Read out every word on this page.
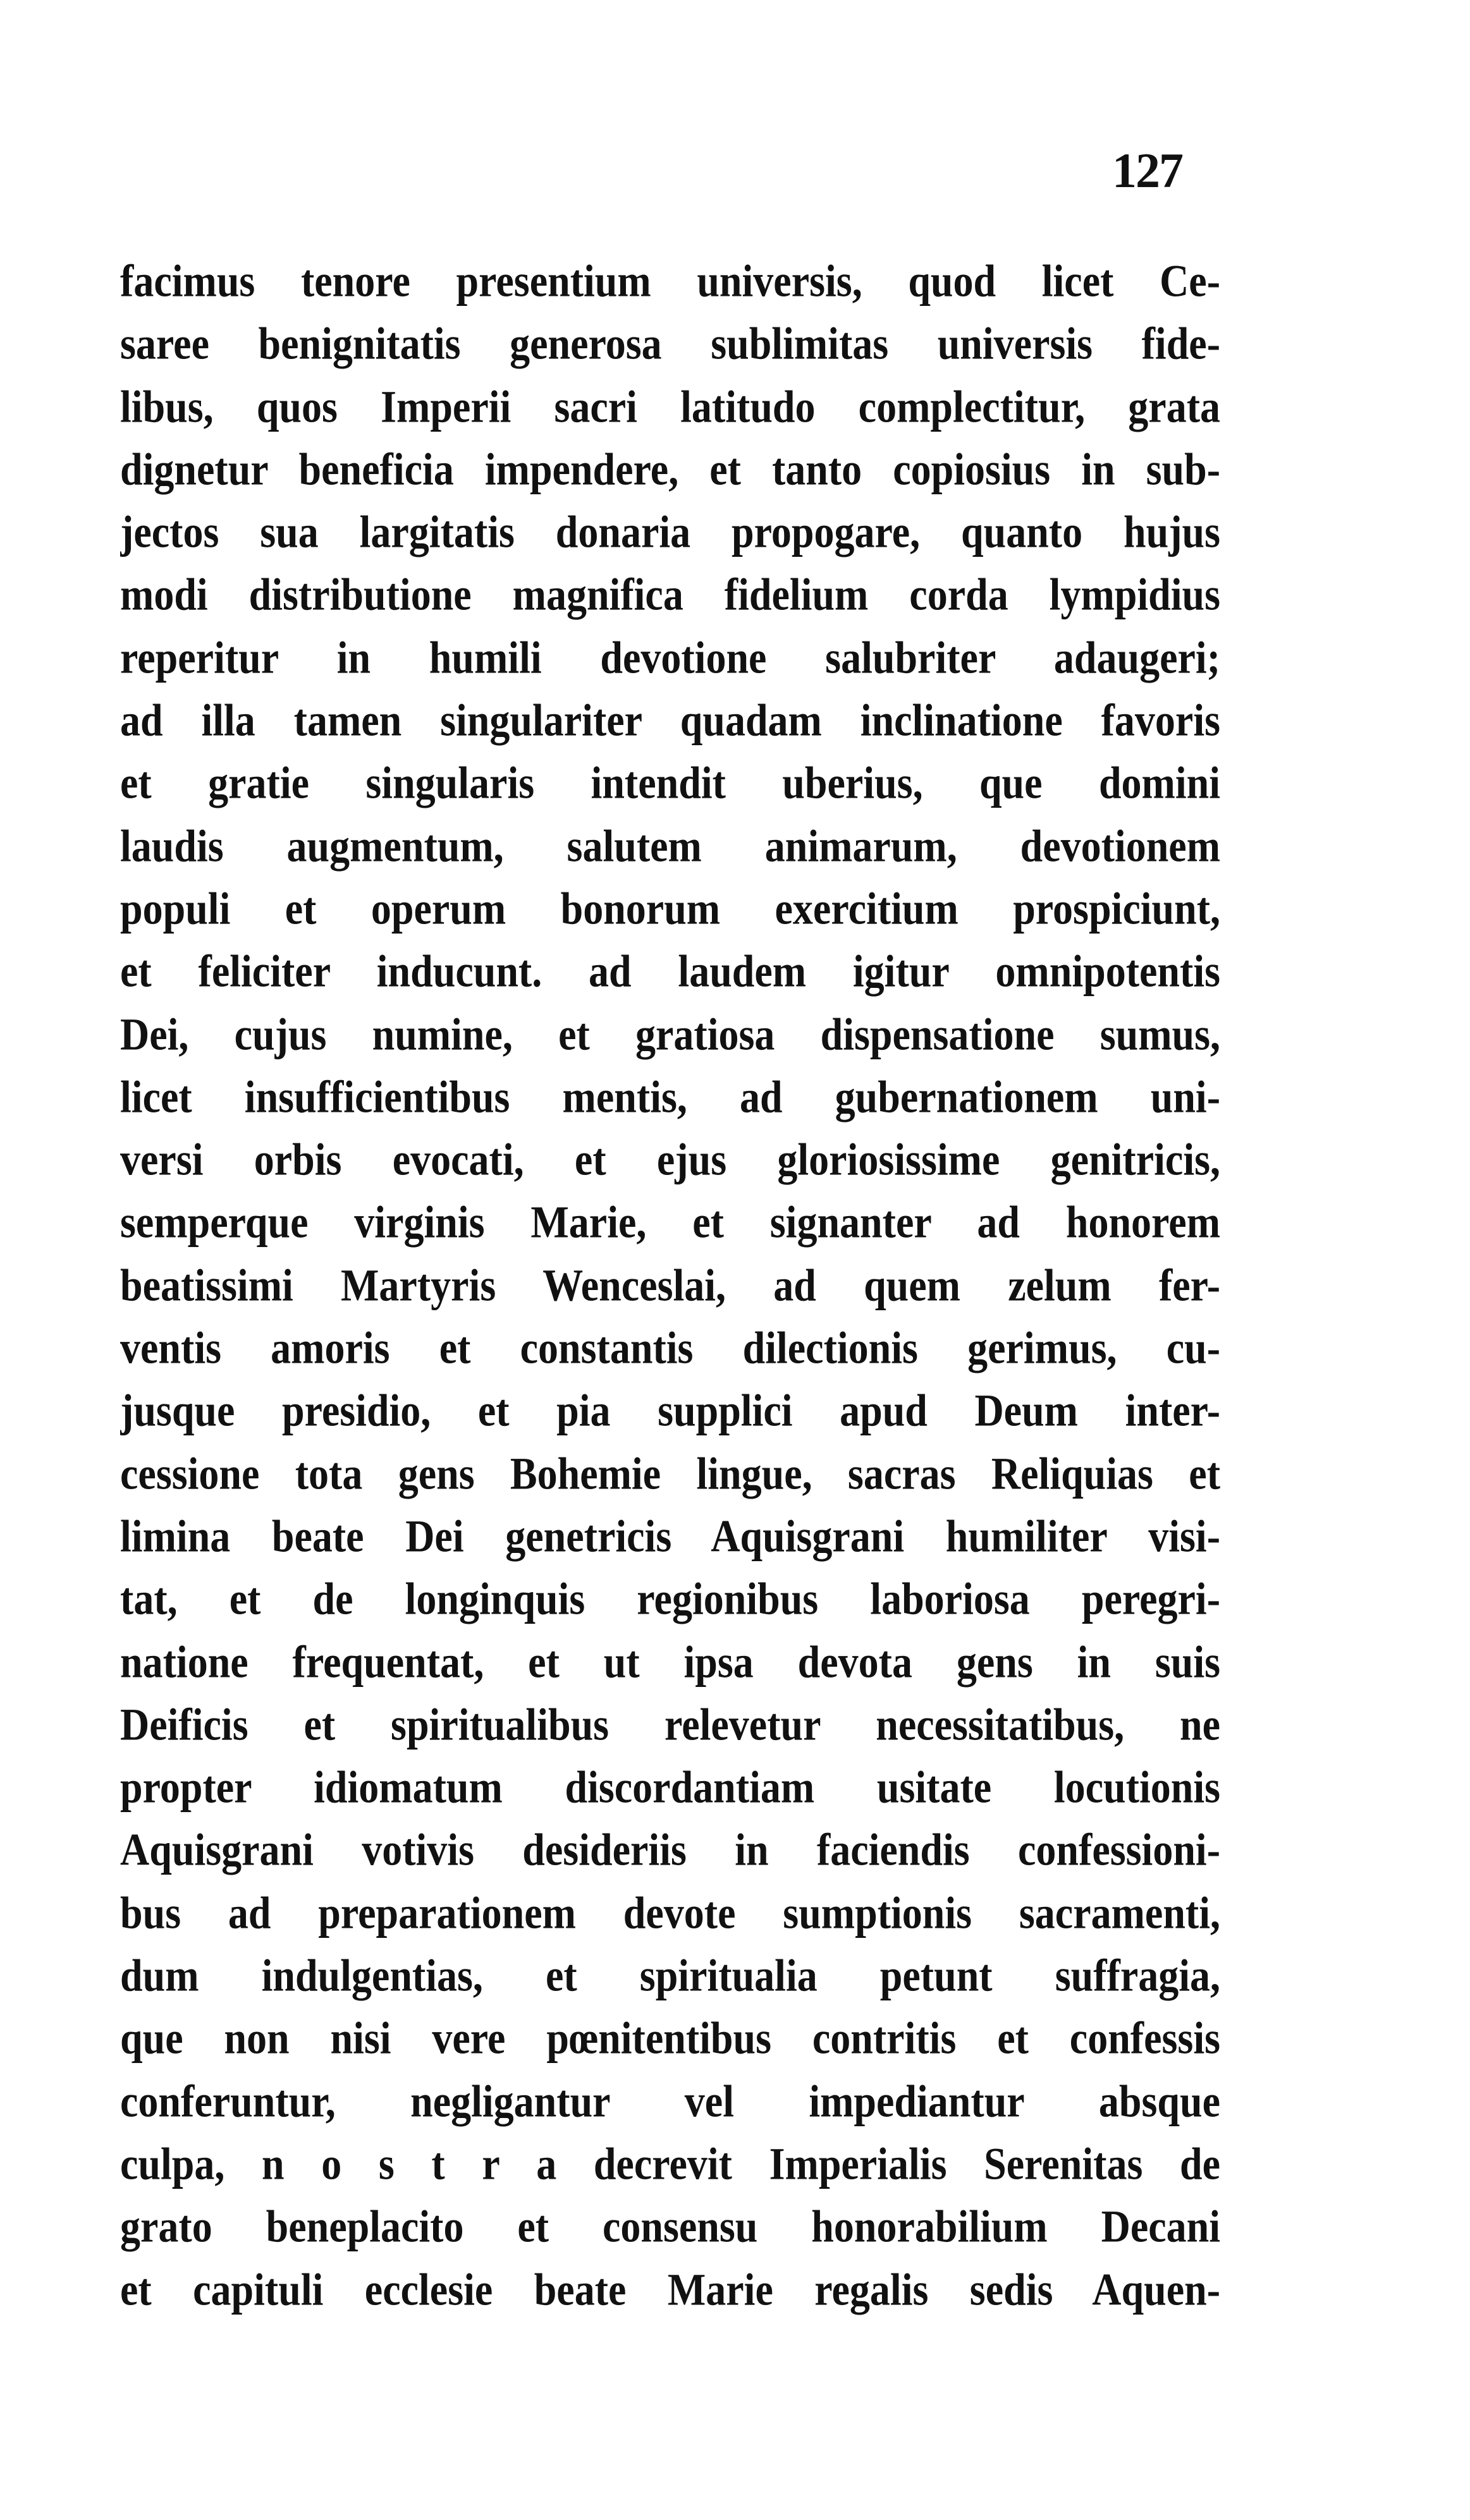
127
facimus tenore presentium universis, quod licet Ce-
saree benignitatis generosa sublimitas universis fide-
libus, quos Imperii sacri latitudo complectitur, grata
dignetur beneficia impendere, et tanto copiosius in sub-
jectos sua largitatis donaria propogare, quanto hujus
modi distributione magnifica fidelium corda lympidius
reperitur in humili devotione salubriter adaugeri;
ad illa tamen singulariter quadam inclinatione favoris
et gratie singularis intendit uberius, que domini
laudis augmentum, salutem animarum, devotionem
populi et operum bonorum exercitium prospiciunt,
et feliciter inducunt. ad laudem igitur omnipotentis
Dei, cujus numine, et gratiosa dispensatione sumus,
licet insufficientibus mentis, ad gubernationem uni-
versi orbis evocati, et ejus gloriosissime genitricis,
semperque virginis Marie, et signanter ad honorem
beatissimi Martyris Wenceslai, ad quem zelum fer-
ventis amoris et constantis dilectionis gerimus, cu-
jusque presidio, et pia supplici apud Deum inter-
cessione tota gens Bohemie lingue, sacras Reliquias et
limina beate Dei genetricis Aquisgrani humiliter visi-
tat, et de longinquis regionibus laboriosa peregri-
natione frequentat, et ut ipsa devota gens in suis
Deificis et spiritualibus relevetur necessitatibus, ne
propter idiomatum discordantiam usitate locutionis
Aquisgrani votivis desideriis in faciendis confessioni-
bus ad preparationem devote sumptionis sacramenti,
dum indulgentias, et spiritualia petunt suffragia,
que non nisi vere pœnitentibus contritis et confessis
conferuntur, negligantur vel impediantur absque
culpa, n o s t r a decrevit Imperialis Serenitas de
grato beneplacito et consensu honorabilium Decani
et capituli ecclesie beate Marie regalis sedis Aquen-
